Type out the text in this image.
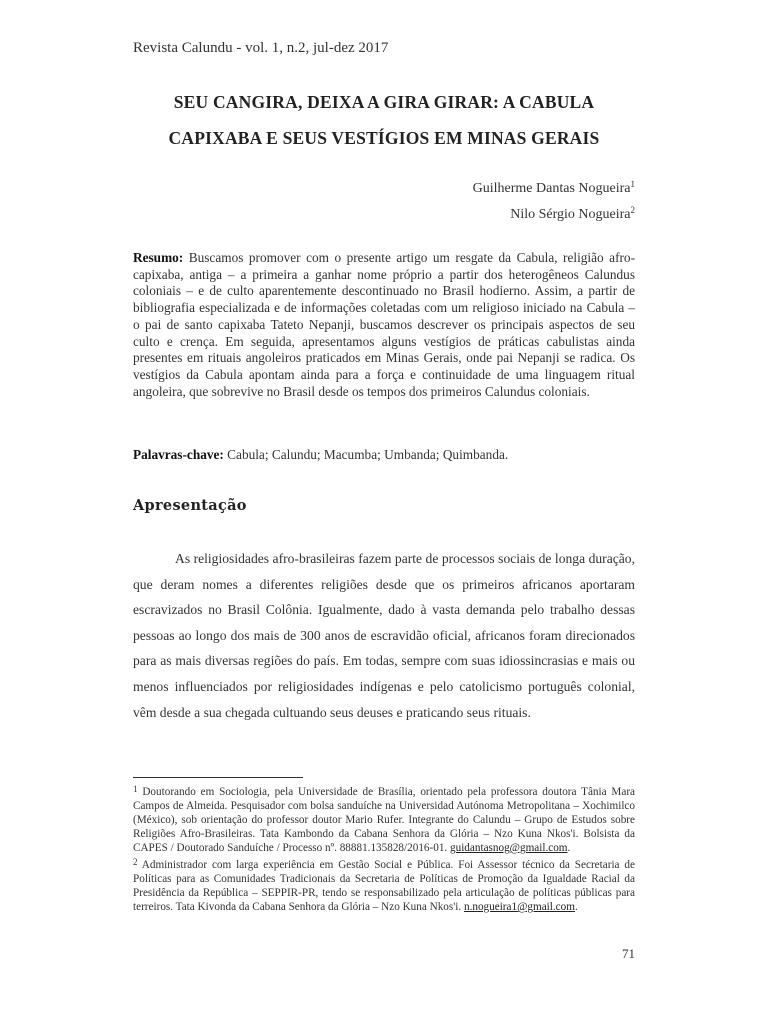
Revista Calundu - vol. 1, n.2, jul-dez 2017
SEU CANGIRA, DEIXA A GIRA GIRAR: A CABULA
CAPIXABA E SEUS VESTÍGIOS EM MINAS GERAIS
Guilherme Dantas Nogueira$^1$
Nilo Sérgio Nogueira$^2$
Resumo: Buscamos promover com o presente artigo um resgate da Cabula, religião afro-capixaba, antiga – a primeira a ganhar nome próprio a partir dos heterogêneos Calundus coloniais – e de culto aparentemente descontinuado no Brasil hodierno. Assim, a partir de bibliografia especializada e de informações coletadas com um religioso iniciado na Cabula – o pai de santo capixaba Tateto Nepanji, buscamos descrever os principais aspectos de seu culto e crença. Em seguida, apresentamos alguns vestígios de práticas cabulistas ainda presentes em rituais angoleiros praticados em Minas Gerais, onde pai Nepanji se radica. Os vestígios da Cabula apontam ainda para a força e continuidade de uma linguagem ritual angoleira, que sobrevive no Brasil desde os tempos dos primeiros Calundus coloniais.
Palavras-chave: Cabula; Calundu; Macumba; Umbanda; Quimbanda.
Apresentação
As religiosidades afro-brasileiras fazem parte de processos sociais de longa duração, que deram nomes a diferentes religiões desde que os primeiros africanos aportaram escravizados no Brasil Colônia. Igualmente, dado à vasta demanda pelo trabalho dessas pessoas ao longo dos mais de 300 anos de escravidão oficial, africanos foram direcionados para as mais diversas regiões do país. Em todas, sempre com suas idiossincrasias e mais ou menos influenciados por religiosidades indígenas e pelo catolicismo português colonial, vêm desde a sua chegada cultuando seus deuses e praticando seus rituais.

$^1$ Doutorando em Sociologia, pela Universidade de Brasília, orientado pela professora doutora Tânia Mara Campos de Almeida. Pesquisador com bolsa sanduíche na Universidad Autónoma Metropolitana – Xochimilco (México), sob orientação do professor doutor Mario Rufer. Integrante do Calundu – Grupo de Estudos sobre Religiões Afro-Brasileiras. Tata Kambondo da Cabana Senhora da Glória – Nzo Kuna Nkos'i. Bolsista da CAPES / Doutorado Sanduíche / Processo nº. 88881.135828/2016-01. guidantasnog@gmail.com.

$^2$ Administrador com larga experiência em Gestão Social e Pública. Foi Assessor técnico da Secretaria de Políticas para as Comunidades Tradicionais da Secretaria de Políticas de Promoção da Igualdade Racial da Presidência da República – SEPPIR-PR, tendo se responsabilizado pela articulação de políticas públicas para terreiros. Tata Kivonda da Cabana Senhora da Glória – Nzo Kuna Nkos'i. n.nogueira1@gmail.com.

71
